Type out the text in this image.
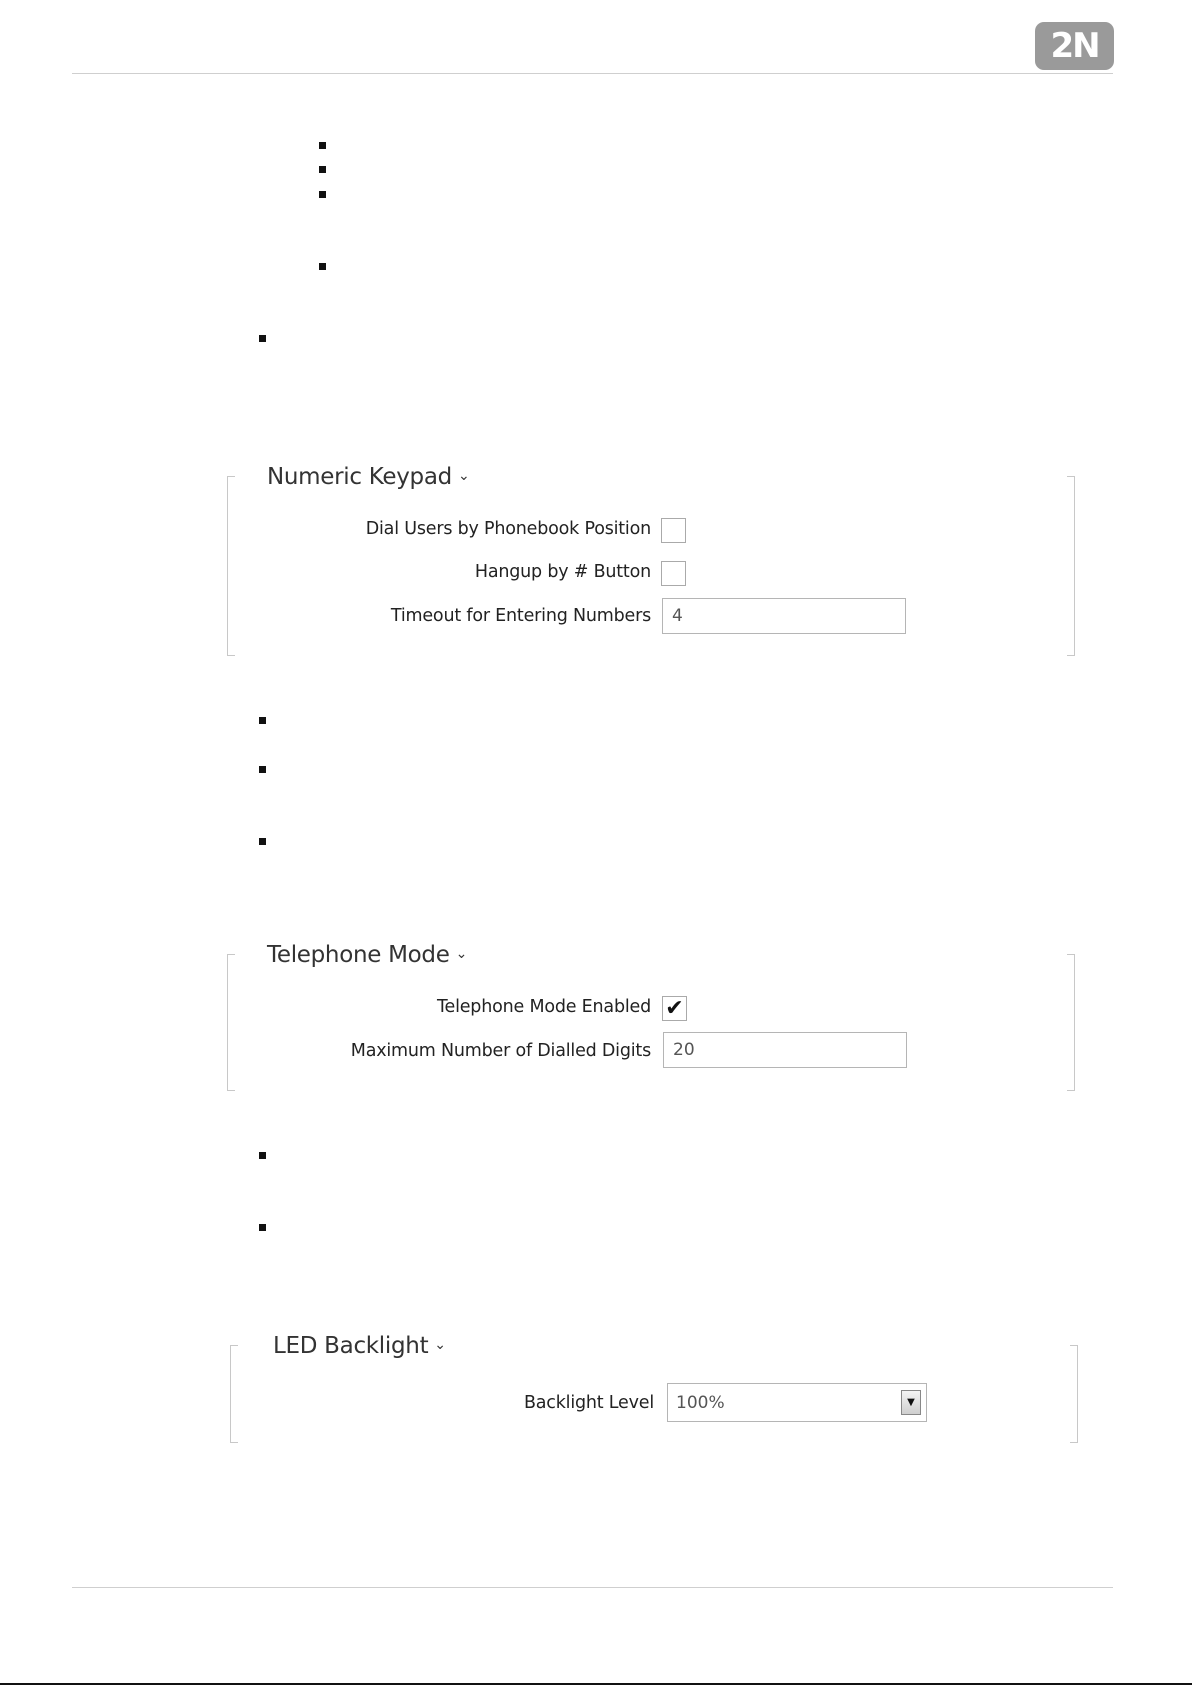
2N
Numeric Keypad ⌄
Dial Users by Phonebook Position
Hangup by # Button
Timeout for Entering Numbers 4
Telephone Mode ⌄
Telephone Mode Enabled ✔
Maximum Number of Dialled Digits 20
LED Backlight ⌄
Backlight Level 100%	▼
